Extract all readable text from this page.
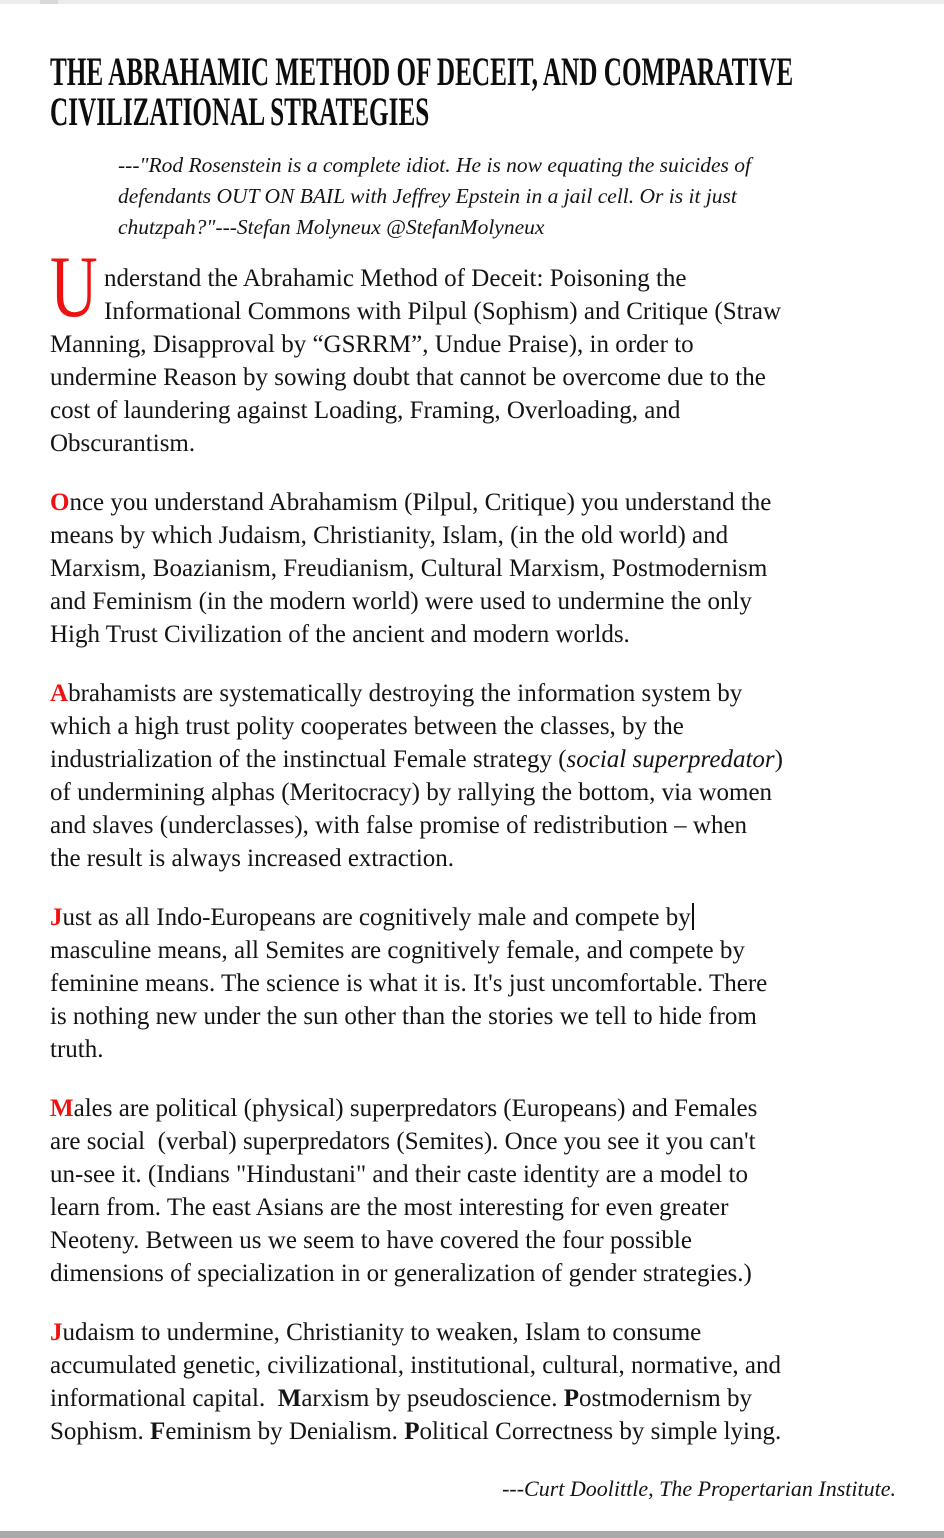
THE ABRAHAMIC METHOD OF DECEIT, AND COMPARATIVE
CIVILIZATIONAL STRATEGIES
---"Rod Rosenstein is a complete idiot. He is now equating the suicides of
defendants OUT ON BAIL with Jeffrey Epstein in a jail cell. Or is it just
chutzpah?"---Stefan Molyneux @StefanMolyneux
U nderstand the Abrahamic Method of Deceit: Poisoning the
Informational Commons with Pilpul (Sophism) and Critique (Straw
Manning, Disapproval by “GSRRM”, Undue Praise), in order to
undermine Reason by sowing doubt that cannot be overcome due to the
cost of laundering against Loading, Framing, Overloading, and
Obscurantism.
Once you understand Abrahamism (Pilpul, Critique) you understand the
means by which Judaism, Christianity, Islam, (in the old world) and
Marxism, Boazianism, Freudianism, Cultural Marxism, Postmodernism
and Feminism (in the modern world) were used to undermine the only
High Trust Civilization of the ancient and modern worlds.
Abrahamists are systematically destroying the information system by
which a high trust polity cooperates between the classes, by the
industrialization of the instinctual Female strategy (social superpredator)
of undermining alphas (Meritocracy) by rallying the bottom, via women
and slaves (underclasses), with false promise of redistribution – when
the result is always increased extraction.
Just as all Indo-Europeans are cognitively male and compete by
masculine means, all Semites are cognitively female, and compete by
feminine means. The science is what it is. It's just uncomfortable. There
is nothing new under the sun other than the stories we tell to hide from
truth.
Males are political (physical) superpredators (Europeans) and Females
are social  (verbal) superpredators (Semites). Once you see it you can't
un-see it. (Indians "Hindustani" and their caste identity are a model to
learn from. The east Asians are the most interesting for even greater
Neoteny. Between us we seem to have covered the four possible
dimensions of specialization in or generalization of gender strategies.)
Judaism to undermine, Christianity to weaken, Islam to consume
accumulated genetic, civilizational, institutional, cultural, normative, and
informational capital.  Marxism by pseudoscience. Postmodernism by
Sophism. Feminism by Denialism. Political Correctness by simple lying.
---Curt Doolittle, The Propertarian Institute.
